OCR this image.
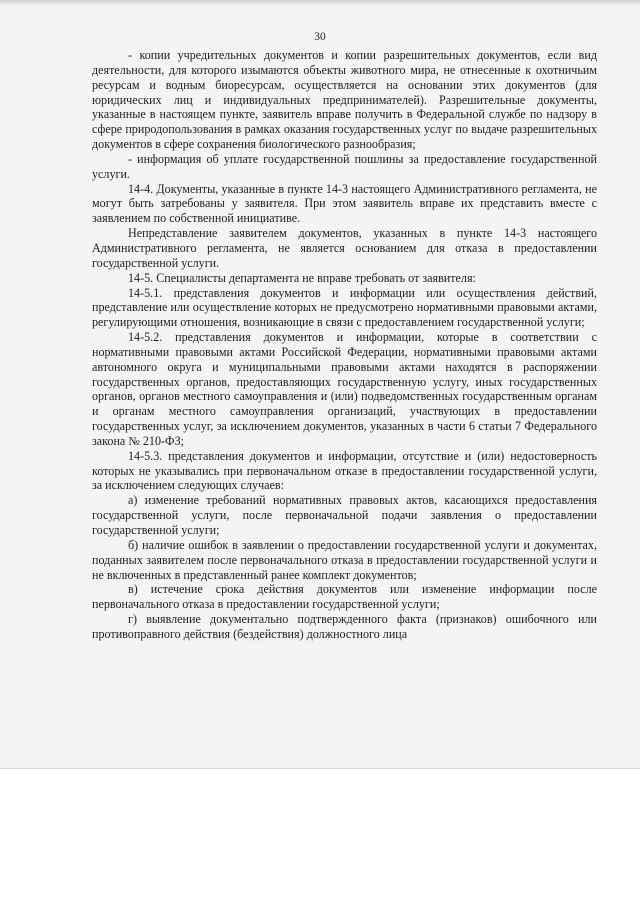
30

- копии учредительных документов и копии разрешительных документов, если вид деятельности, для которого изымаются объекты животного мира, не отнесенные к охотничьим ресурсам и водным биоресурсам, осуществляется на основании этих документов (для юридических лиц и индивидуальных предпринимателей). Разрешительные документы, указанные в настоящем пункте, заявитель вправе получить в Федеральной службе по надзору в сфере природопользования в рамках оказания государственных услуг по выдаче разрешительных документов в сфере сохранения биологического разнообразия;

- информация об уплате государственной пошлины за предоставление государственной услуги.

14-4. Документы, указанные в пункте 14-3 настоящего Административного регламента, не могут быть затребованы у заявителя. При этом заявитель вправе их представить вместе с заявлением по собственной инициативе.

Непредставление заявителем документов, указанных в пункте 14-3 настоящего Административного регламента, не является основанием для отказа в предоставлении государственной услуги.

14-5. Специалисты департамента не вправе требовать от заявителя:

14-5.1. представления документов и информации или осуществления действий, представление или осуществление которых не предусмотрено нормативными правовыми актами, регулирующими отношения, возникающие в связи с предоставлением государственной услуги;

14-5.2. представления документов и информации, которые в соответствии с нормативными правовыми актами Российской Федерации, нормативными правовыми актами автономного округа и муниципальными правовыми актами находятся в распоряжении государственных органов, предоставляющих государственную услугу, иных государственных органов, органов местного самоуправления и (или) подведомственных государственным органам и органам местного самоуправления организаций, участвующих в предоставлении государственных услуг, за исключением документов, указанных в части 6 статьи 7 Федерального закона № 210-ФЗ;

14-5.3. представления документов и информации, отсутствие и (или) недостоверность которых не указывались при первоначальном отказе в предоставлении государственной услуги, за исключением следующих случаев:

а) изменение требований нормативных правовых актов, касающихся предоставления государственной услуги, после первоначальной подачи заявления о предоставлении государственной услуги;

б) наличие ошибок в заявлении о предоставлении государственной услуги и документах, поданных заявителем после первоначального отказа в предоставлении государственной услуги и не включенных в представленный ранее комплект документов;

в) истечение срока действия документов или изменение информации после первоначального отказа в предоставлении государственной услуги;

г) выявление документально подтвержденного факта (признаков) ошибочного или противоправного действия (бездействия) должностного лица
